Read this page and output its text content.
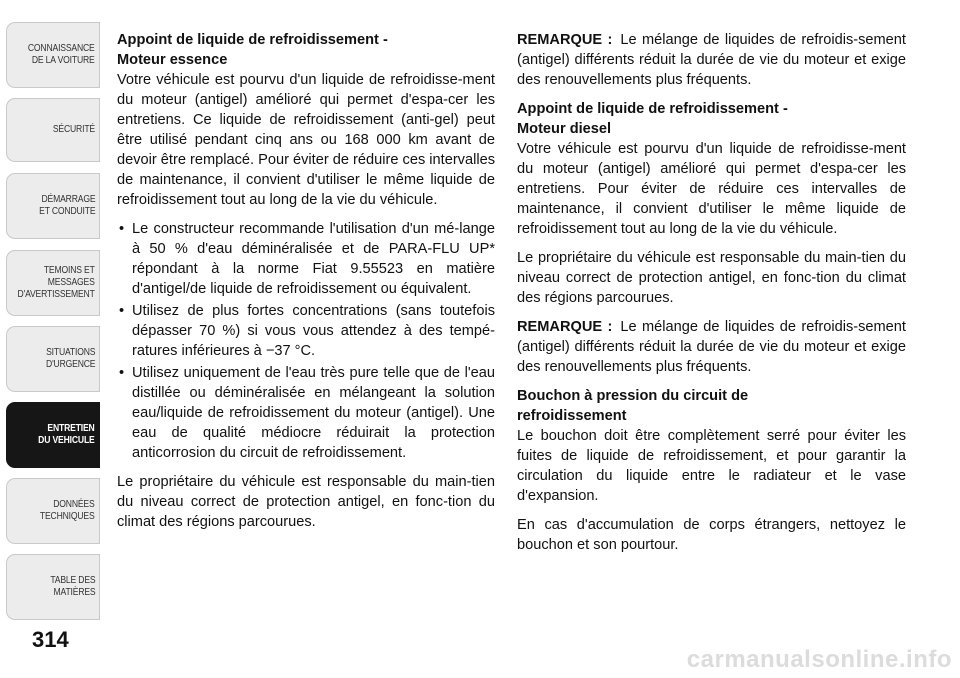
CONNAISSANCE
DE LA VOITURE
SÉCURITÉ
DÉMARRAGE
ET CONDUITE
TEMOINS ET
MESSAGES
D'AVERTISSEMENT
SITUATIONS
D'URGENCE
ENTRETIEN
DU VEHICULE
DONNÉES
TECHNIQUES
TABLE DES
MATIÈRES
314
Appoint de liquide de refroidissement -
Moteur essence

Votre véhicule est pourvu d'un liquide de refroidisse-ment du moteur (antigel) amélioré qui permet d'espa-cer les entretiens. Ce liquide de refroidissement (anti-gel) peut être utilisé pendant cinq ans ou 168 000 km avant de devoir être remplacé. Pour éviter de réduire ces intervalles de maintenance, il convient d'utiliser le même liquide de refroidissement tout au long de la vie du véhicule.

• Le constructeur recommande l'utilisation d'un mé-lange à 50 % d'eau déminéralisée et de PARA-FLU UP* répondant à la norme Fiat 9.55523 en matière d'antigel/de liquide de refroidissement ou équivalent.
• Utilisez de plus fortes concentrations (sans toutefois dépasser 70 %) si vous vous attendez à des tempé-ratures inférieures à −37 °C.
• Utilisez uniquement de l'eau très pure telle que de l'eau distillée ou déminéralisée en mélangeant la solution eau/liquide de refroidissement du moteur (antigel). Une eau de qualité médiocre réduirait la protection anticorrosion du circuit de refroidissement.

Le propriétaire du véhicule est responsable du main-tien du niveau correct de protection antigel, en fonc-tion du climat des régions parcourues.

REMARQUE : Le mélange de liquides de refroidis-sement (antigel) différents réduit la durée de vie du moteur et exige des renouvellements plus fréquents.

Appoint de liquide de refroidissement -
Moteur diesel

Votre véhicule est pourvu d'un liquide de refroidisse-ment du moteur (antigel) amélioré qui permet d'espa-cer les entretiens. Pour éviter de réduire ces intervalles de maintenance, il convient d'utiliser le même liquide de refroidissement tout au long de la vie du véhicule.

Le propriétaire du véhicule est responsable du main-tien du niveau correct de protection antigel, en fonc-tion du climat des régions parcourues.

REMARQUE : Le mélange de liquides de refroidis-sement (antigel) différents réduit la durée de vie du moteur et exige des renouvellements plus fréquents.

Bouchon à pression du circuit de
refroidissement

Le bouchon doit être complètement serré pour éviter les fuites de liquide de refroidissement, et pour garantir la circulation du liquide entre le radiateur et le vase d'expansion.

En cas d'accumulation de corps étrangers, nettoyez le bouchon et son pourtour.

carmanualsonline.info
